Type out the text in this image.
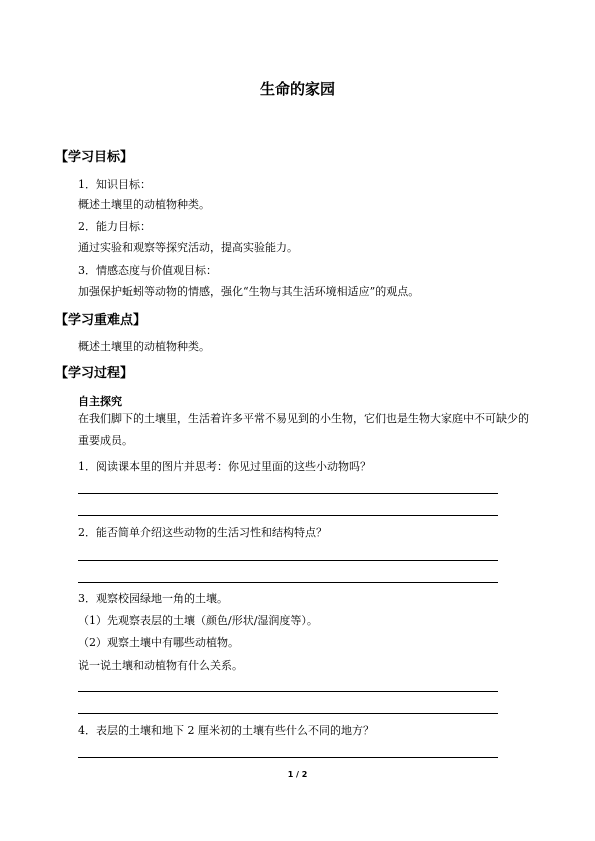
生命的家园
【学习目标】
1．知识目标：
概述土壤里的动植物种类。
2．能力目标：
通过实验和观察等探究活动，提高实验能力。
3．情感态度与价值观目标：
加强保护蚯蚓等动物的情感，强化“生物与其生活环境相适应”的观点。
【学习重难点】
概述土壤里的动植物种类。
【学习过程】
自主探究
在我们脚下的土壤里，生活着许多平常不易见到的小生物，它们也是生物大家庭中不可缺少的重要成员。
1．阅读课本里的图片并思考：你见过里面的这些小动物吗？
2．能否简单介绍这些动物的生活习性和结构特点？
3．观察校园绿地一角的土壤。
（1）先观察表层的土壤（颜色/形状/湿润度等）。
（2）观察土壤中有哪些动植物。
说一说土壤和动植物有什么关系。
4．表层的土壤和地下 2 厘米初的土壤有些什么不同的地方？
1 / 2
